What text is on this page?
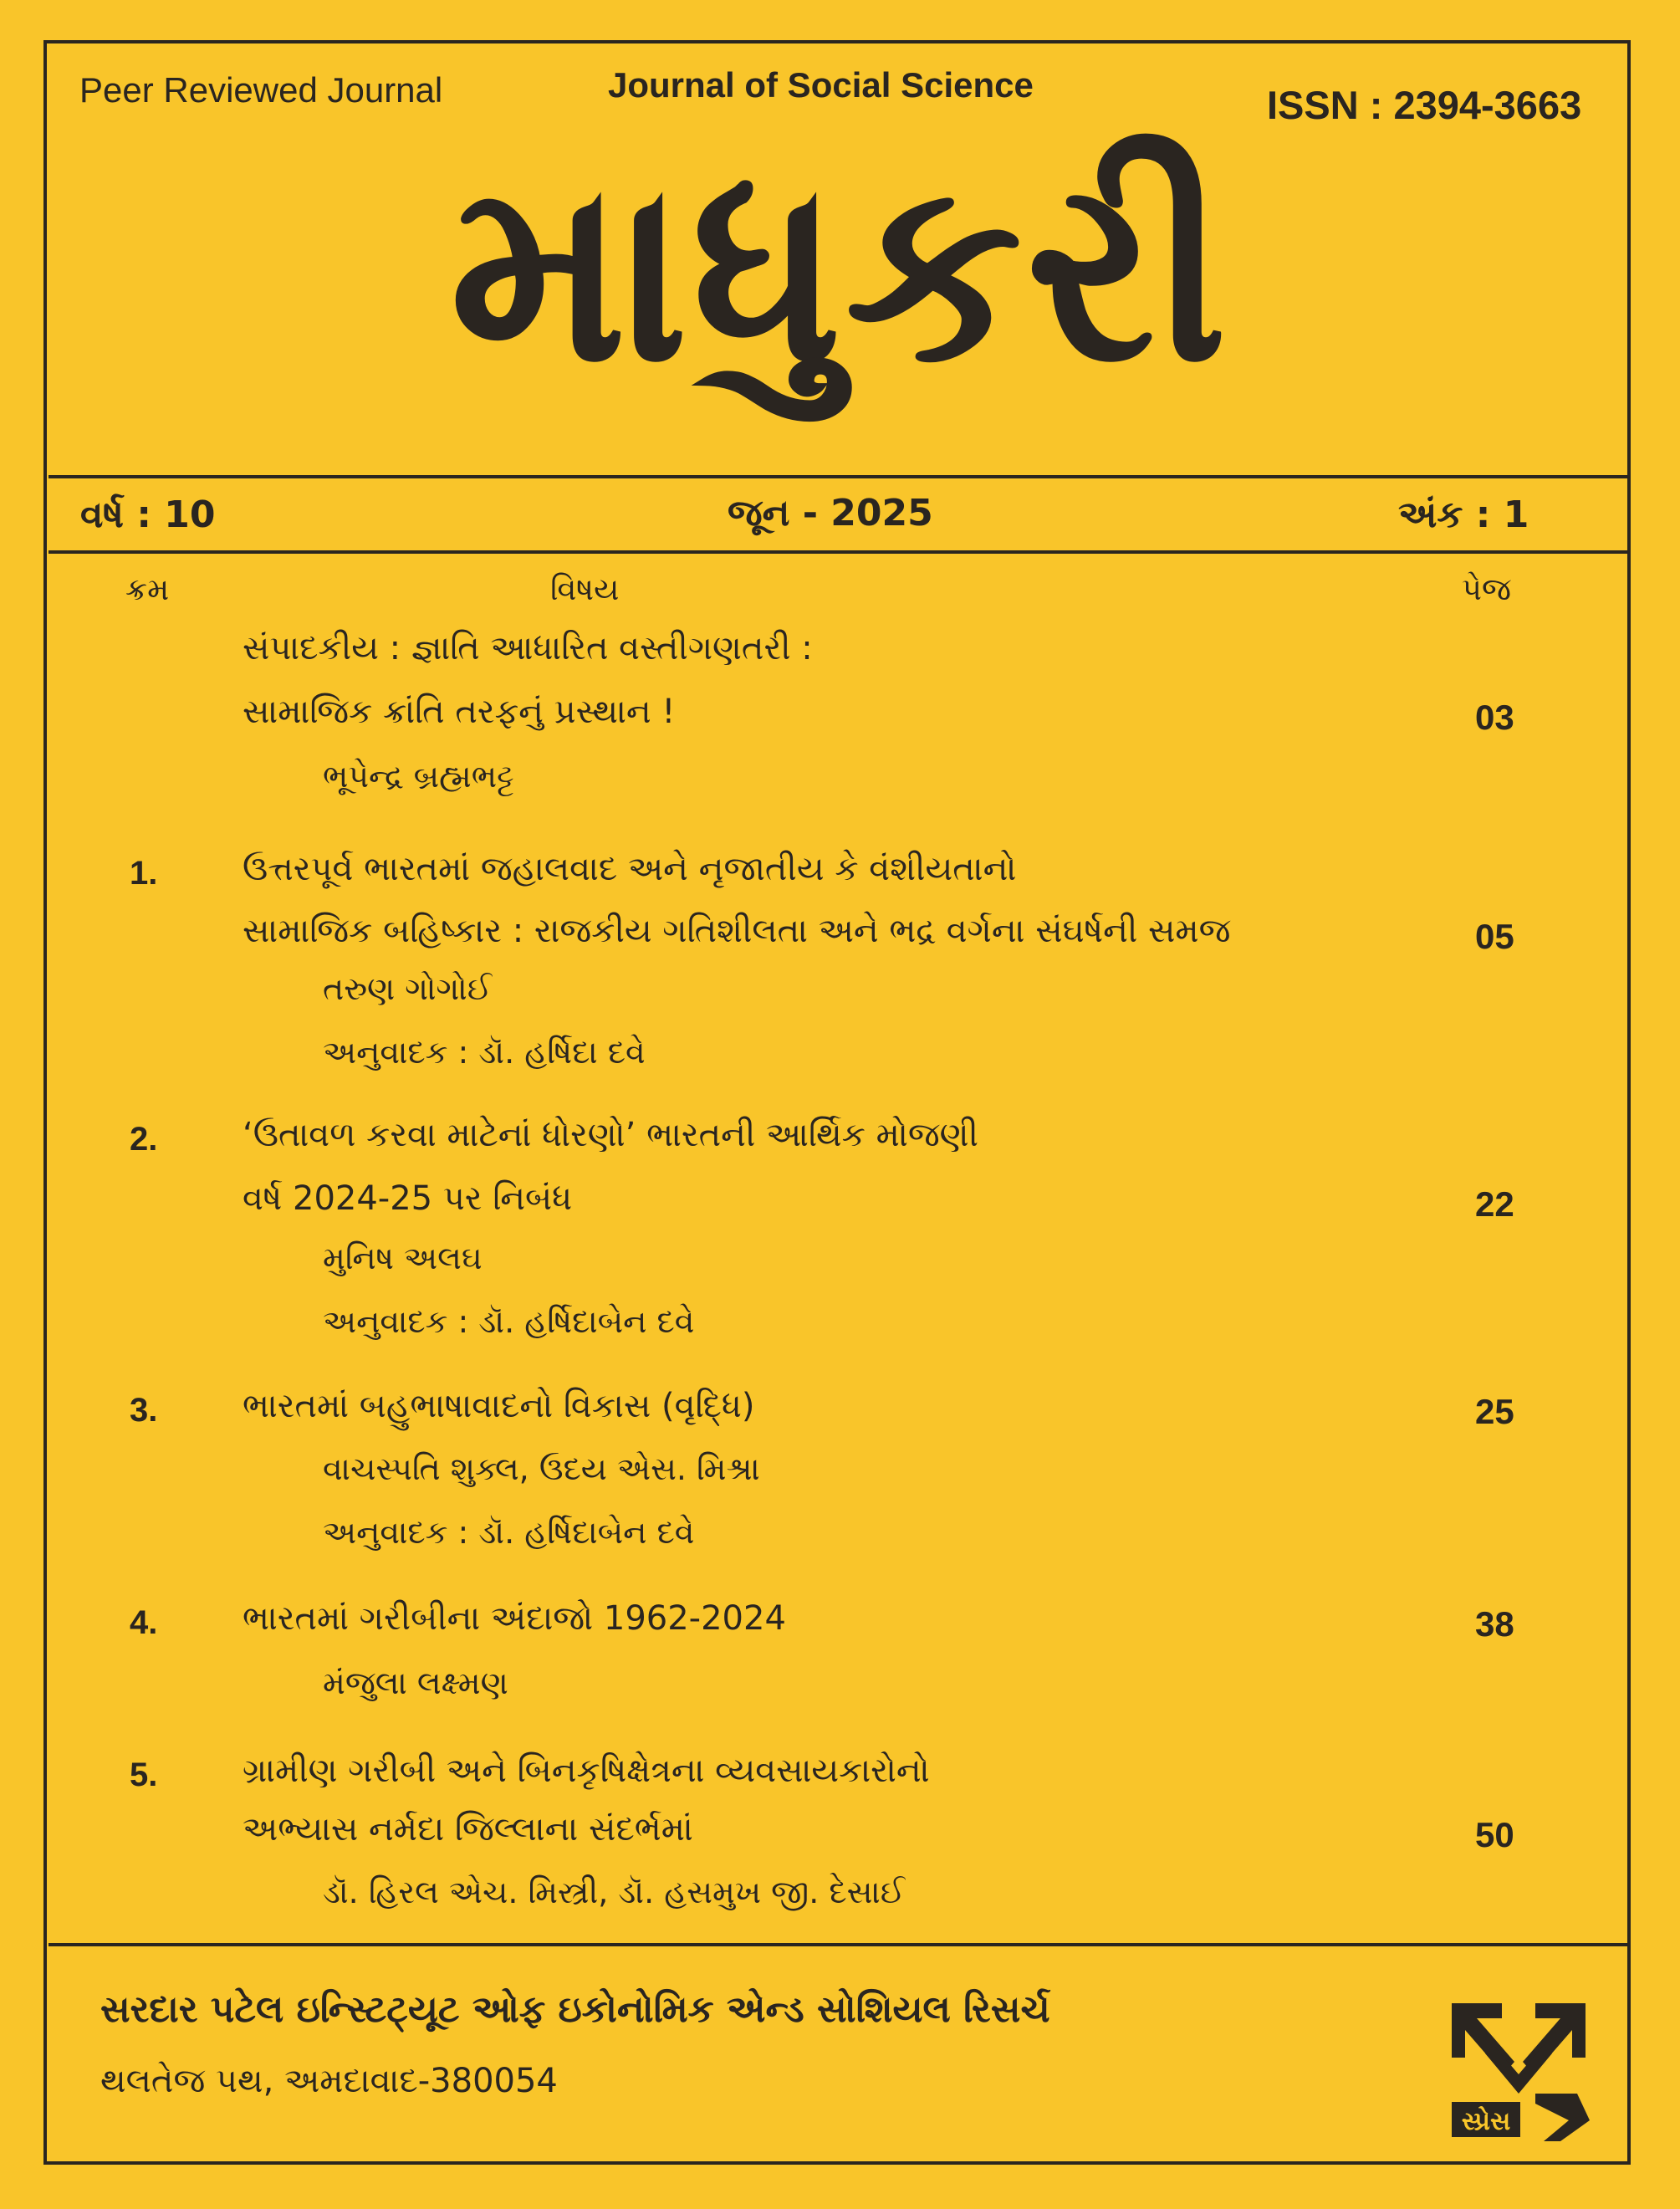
Peer Reviewed Journal	Journal of Social Science	ISSN : 2394-3663
માધુકરી
વર્ષ : 10	જૂન - 2025	અંક : 1
ક્રમ	વિષય	પેજ
સંપાદકીય : જ્ઞાતિ આધારિત વસ્તીગણતરી :
સામાજિક ક્રાંતિ તરફનું પ્રસ્થાન !	03
ભૂપેન્દ્ર બ્રહ્મભટ્ટ
1.	ઉત્તરપૂર્વ ભારતમાં જહાલવાદ અને નૃજાતીય કે વંશીયતાનો
સામાજિક બહિષ્કાર : રાજકીય ગતિશીલતા અને ભદ્ર વર્ગના સંઘર્ષની સમજ	05
તરુણ ગોગોઈ
અનુવાદક : ડૉ. હર્ષિદા દવે
2.	‘ઉતાવળ કરવા માટેનાં ધોરણો’ ભારતની આર્થિક મોજણી
વર્ષ 2024-25 પર નિબંધ	22
મુનિષ અલઘ
અનુવાદક : ડૉ. હર્ષિદાબેન દવે
3.	ભારતમાં બહુભાષાવાદનો વિકાસ (વૃદ્ધિ)	25
વાચસ્પતિ શુક્લ, ઉદય એસ. મિશ્રા
અનુવાદક : ડૉ. હર્ષિદાબેન દવે
4.	ભારતમાં ગરીબીના અંદાજો 1962-2024	38
મંજુલા લક્ષ્મણ
5.	ગ્રામીણ ગરીબી અને બિનકૃષિક્ષેત્રના વ્યવસાયકારોનો
અભ્યાસ નર્મદા જિલ્લાના સંદર્ભમાં	50
ડૉ. હિરલ એચ. મિસ્ત્રી, ડૉ. હસમુખ જી. દેસાઈ
સરદાર પટેલ ઇન્સ્ટિટ્યૂટ ઓફ ઇકોનોમિક એન્ડ સોશિયલ રિસર્ચ
થલતેજ પથ, અમદાવાદ-380054
સ્પ્રેસ
